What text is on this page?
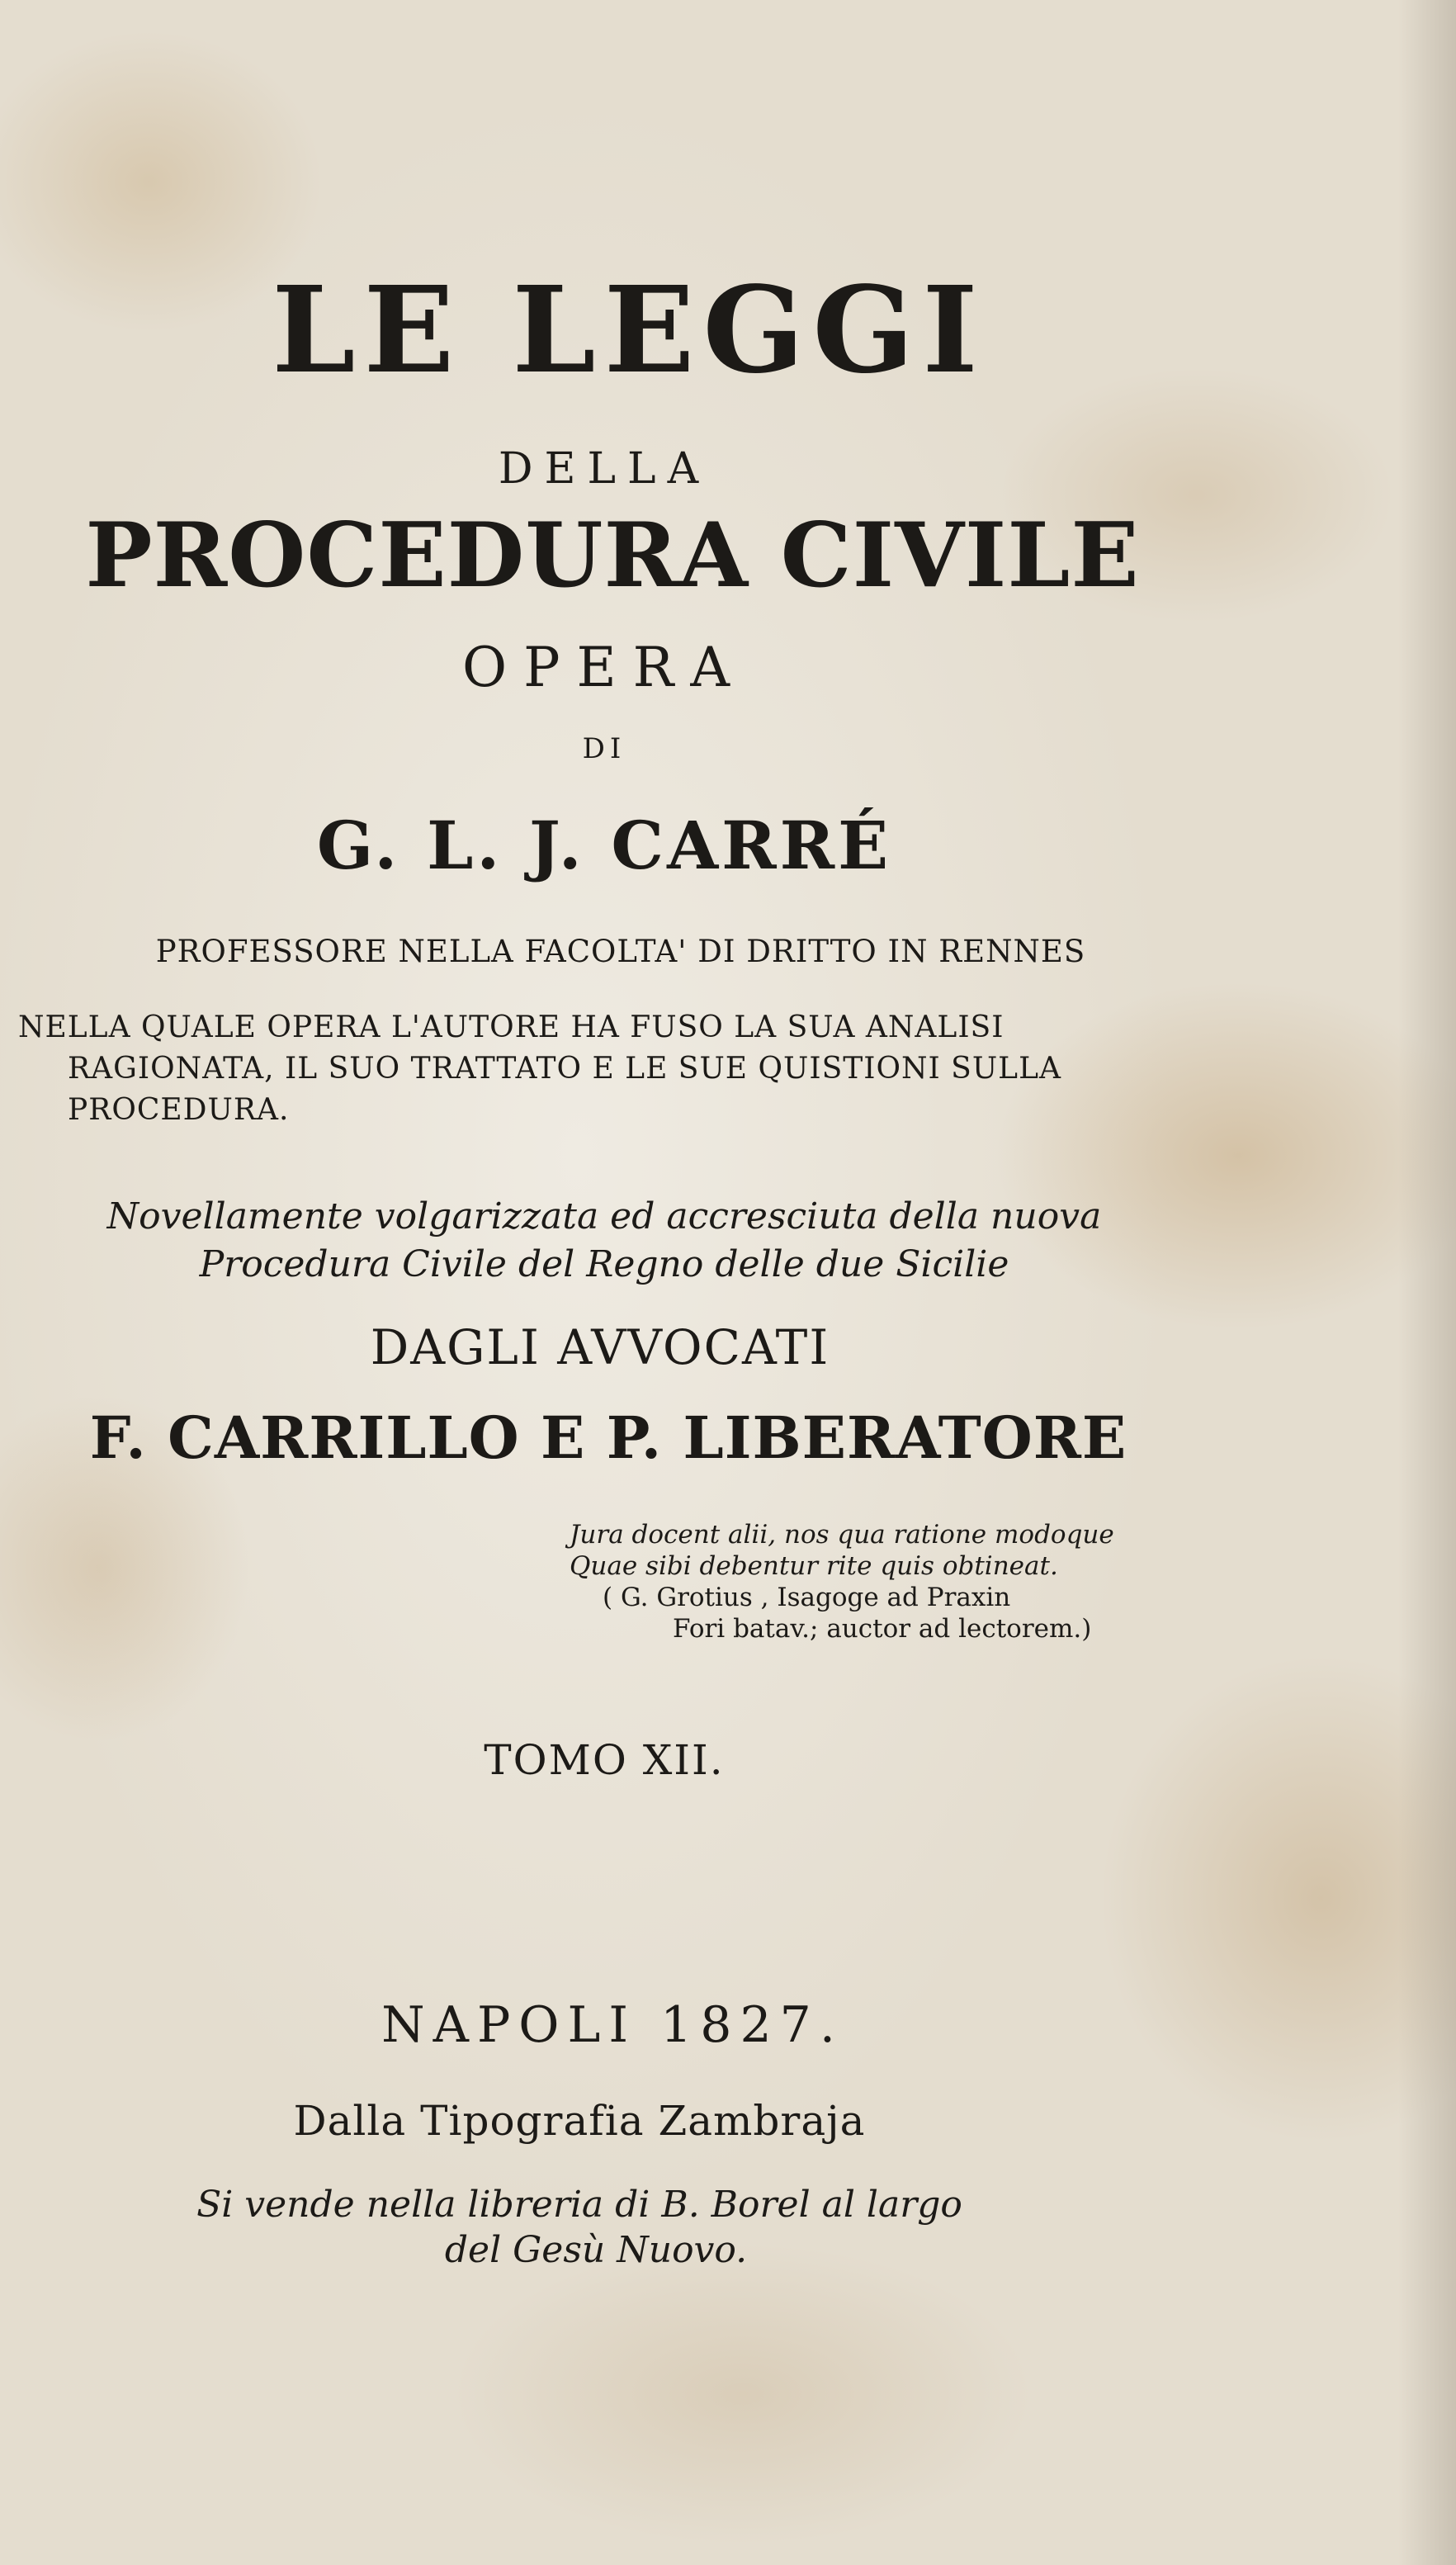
LE LEGGI
DELLA
PROCEDURA CIVILE
OPERA
DI
G. L. J. CARRÉ
PROFESSORE NELLA FACOLTA' DI DRITTO IN RENNES
NELLA QUALE OPERA L'AUTORE HA FUSO LA SUA ANALISI
RAGIONATA, IL SUO TRATTATO E LE SUE QUISTIONI SULLA
PROCEDURA.
Novellamente volgarizzata ed accresciuta della nuova
Procedura Civile del Regno delle due Sicilie
DAGLI AVVOCATI
F. CARRILLO E P. LIBERATORE
Jura docent alii, nos qua ratione modoque
Quae sibi debentur rite quis obtineat.
( G. Grotius , Isagoge ad Praxin
Fori batav.; auctor ad lectorem.)
TOMO XII.
NAPOLI 1827.
Dalla Tipografia Zambraja
Si vende nella libreria di B. Borel al largo
del Gesù Nuovo.
